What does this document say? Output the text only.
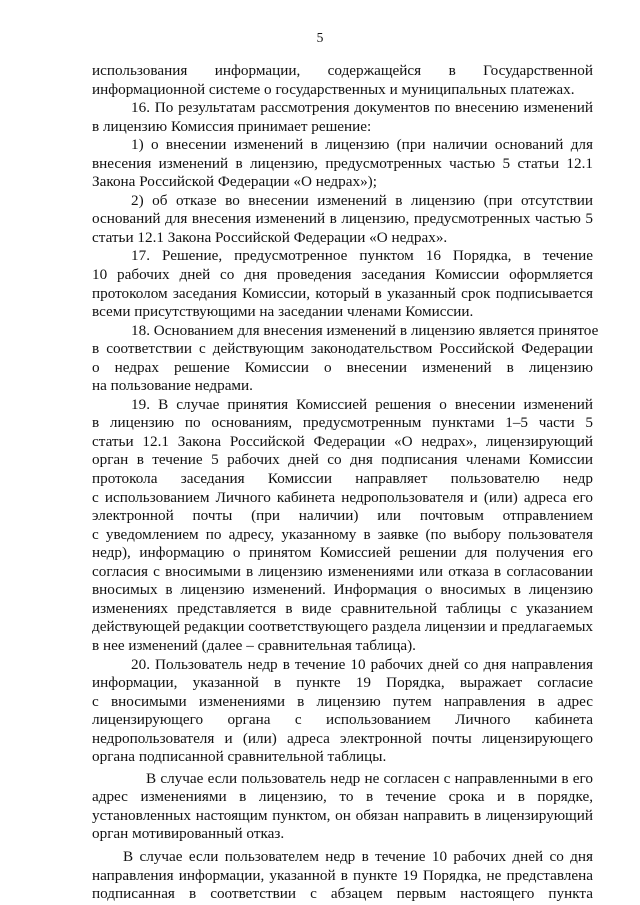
5
использования информации, содержащейся в Государственной
информационной системе о государственных и муниципальных платежах.
16. По результатам рассмотрения документов по внесению изменений
в лицензию Комиссия принимает решение:
1) о внесении изменений в лицензию (при наличии оснований для
внесения изменений в лицензию, предусмотренных частью 5 статьи 12.1
Закона Российской Федерации «О недрах»);
2) об отказе во внесении изменений в лицензию (при отсутствии
оснований для внесения изменений в лицензию, предусмотренных частью 5
статьи 12.1 Закона Российской Федерации «О недрах».
17. Решение, предусмотренное пунктом 16 Порядка, в течение
10 рабочих дней со дня проведения заседания Комиссии оформляется
протоколом заседания Комиссии, который в указанный срок подписывается
всеми присутствующими на заседании членами Комиссии.
18. Основанием для внесения изменений в лицензию является принятое
в соответствии с действующим законодательством Российской Федерации
о недрах решение Комиссии о внесении изменений в лицензию
на пользование недрами.
19. В случае принятия Комиссией решения о внесении изменений
в лицензию по основаниям, предусмотренным пунктами 1–5 части 5
статьи 12.1 Закона Российской Федерации «О недрах», лицензирующий
орган в течение 5 рабочих дней со дня подписания членами Комиссии
протокола заседания Комиссии направляет пользователю недр
с использованием Личного кабинета недропользователя и (или) адреса его
электронной почты (при наличии) или почтовым отправлением
с уведомлением по адресу, указанному в заявке (по выбору пользователя
недр), информацию о принятом Комиссией решении для получения его
согласия с вносимыми в лицензию изменениями или отказа в согласовании
вносимых в лицензию изменений. Информация о вносимых в лицензию
изменениях представляется в виде сравнительной таблицы с указанием
действующей редакции соответствующего раздела лицензии и предлагаемых
в нее изменений (далее – сравнительная таблица).
20. Пользователь недр в течение 10 рабочих дней со дня направления
информации, указанной в пункте 19 Порядка, выражает согласие
с вносимыми изменениями в лицензию путем направления в адрес
лицензирующего органа с использованием Личного кабинета
недропользователя и (или) адреса электронной почты лицензирующего
органа подписанной сравнительной таблицы.
В случае если пользователь недр не согласен с направленными в его
адрес изменениями в лицензию, то в течение срока и в порядке,
установленных настоящим пунктом, он обязан направить в лицензирующий
орган мотивированный отказ.
В случае если пользователем недр в течение 10 рабочих дней со дня
направления информации, указанной в пункте 19 Порядка, не представлена
подписанная в соответствии с абзацем первым настоящего пункта
